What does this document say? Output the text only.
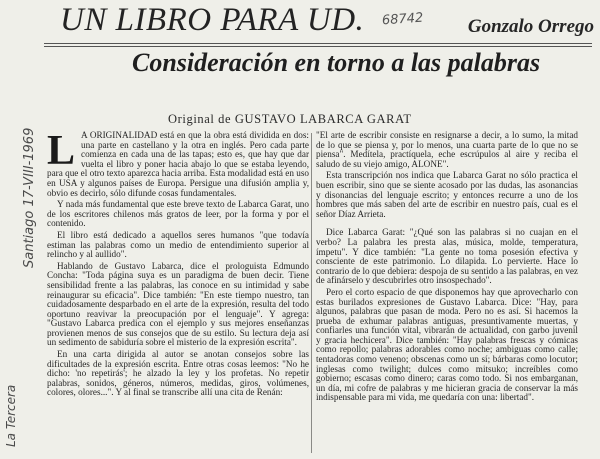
UN LIBRO PARA UD.	Gonzalo Orrego
68742
Consideración en torno a las palabras
Original de GUSTAVO LABARCA GARAT
La Tercera
Santiago 17-VIII-1969 L A ORIGINALIDAD está en que la obra está dividida en dos: una parte en castellano y la otra en inglés. Pero cada parte comienza en cada una de las tapas; esto es, que hay que dar vuelta el libro y poner hacia abajo lo que se estaba leyendo, para que el otro texto aparezca hacia arriba. Esta modalidad está en uso en USA y algunos países de Europa. Persigue una difusión amplia y, obvio es decirlo, sólo difunde cosas fundamentales.

Y nada más fundamental que este breve texto de Labarca Garat, uno de los escritores chilenos más gratos de leer, por la forma y por el contenido.

El libro está dedicado a aquellos seres humanos "que todavía estiman las palabras como un medio de entendimiento superior al relincho y al aullido".

Hablando de Gustavo Labarca, dice el prologuista Edmundo Concha: "Toda página suya es un paradigma de buen decir. Tiene sensibilidad frente a las palabras, las conoce en su intimidad y sabe reinaugurar su eficacia". Dice también: "En este tiempo nuestro, tan cuidadosamente desparbado en el arte de la expresión, resulta del todo oportuno reavivar la preocupación por el lenguaje". Y agrega: "Gustavo Labarca predica con el ejemplo y sus mejores enseñanzas provienen menos de sus consejos que de su estilo. Su lectura deja así un sedimento de sabiduría sobre el misterio de la expresión escrita".

En una carta dirigida al autor se anotan consejos sobre las dificultades de la expresión escrita. Entre otras cosas leemos: "No he dicho: 'no repetirás'; he alzado la ley y los profetas. No repetir palabras, sonidos, géneros, números, medidas, giros, volúmenes, colores, olores...". Y al final se transcribe allí una cita de Renán:

"El arte de escribir consiste en resignarse a decir, a lo sumo, la mitad de lo que se piensa y, por lo menos, una cuarta parte de lo que no se piensa". Medítela, practíquela, eche escrúpulos al aire y reciba el saludo de su viejo amigo, ALONE".

Esta transcripción nos indica que Labarca Garat no sólo practica el buen escribir, sino que se siente acosado por las dudas, las asonancias y disonancias del lenguaje escrito; y entonces recurre a uno de los hombres que más saben del arte de escribir en nuestro país, cual es el señor Díaz Arrieta.

Dice Labarca Garat: "¿Qué son las palabras si no cuajan en el verbo? La palabra les presta alas, música, molde, temperatura, ímpetu". Y dice también: "La gente no toma posesión efectiva y consciente de este patrimonio. Lo dilapida. Lo pervierte. Hace lo contrario de lo que debiera: despoja de su sentido a las palabras, en vez de afinárselo y descubrirles otro insospechado".

Pero el corto espacio de que disponemos hay que aprovecharlo con estas burilados expresiones de Gustavo Labarca. Dice: "Hay, para algunos, palabras que pasan de moda. Pero no es así. Si hacemos la prueba de exhumar palabras antiguas, presuntivamente muertas, y confiarles una función vital, vibrarán de actualidad, con garbo juvenil y gracia hechicera". Dice también: "Hay palabras frescas y cómicas como repollo; palabras adorables como noche; ambiguas como calle; tentadoras como veneno; obscenas como un sí; bárbaras como locutor; inglesas como twilight; dulces como mitsuko; increíbles como gobierno; escasas como dinero; caras como todo. Si nos embarganan, un día, mi cofre de palabras y me hicieran gracia de conservar la más indispensable para mi vida, me quedaría con una: libertad".
